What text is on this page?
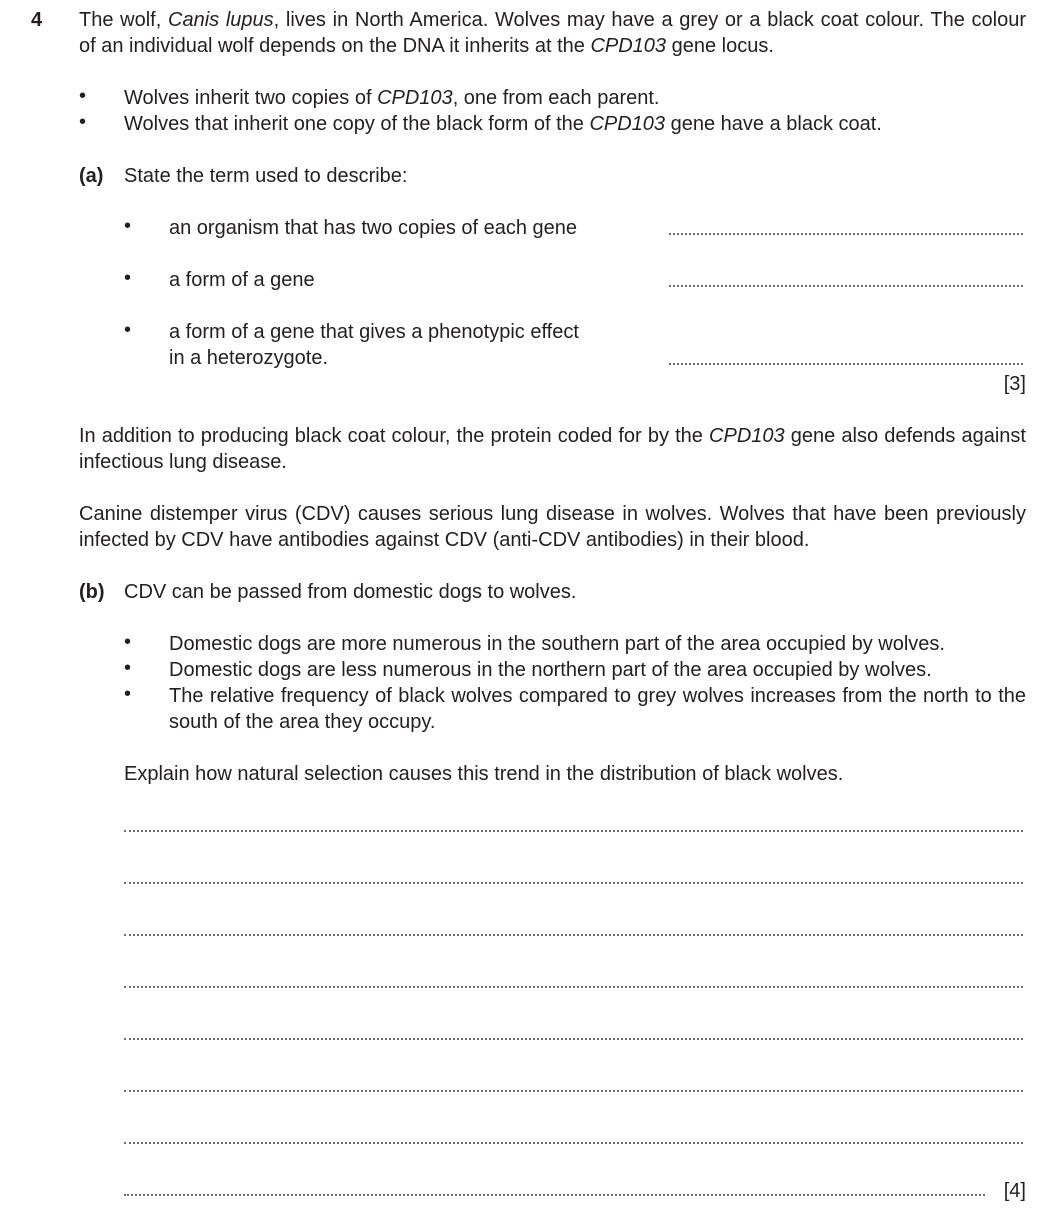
4 The wolf, Canis lupus, lives in North America. Wolves may have a grey or a black coat colour. The colour of an individual wolf depends on the DNA it inherits at the CPD103 gene locus.

• Wolves inherit two copies of CPD103, one from each parent.

• Wolves that inherit one copy of the black form of the CPD103 gene have a black coat.

(a) State the term used to describe:

• an organism that has two copies of each gene

• a form of a gene

• a form of a gene that gives a phenotypic effect in a heterozygote.

[3]

In addition to producing black coat colour, the protein coded for by the CPD103 gene also defends against infectious lung disease.

Canine distemper virus (CDV) causes serious lung disease in wolves. Wolves that have been previously infected by CDV have antibodies against CDV (anti-CDV antibodies) in their blood.

(b) CDV can be passed from domestic dogs to wolves.

• Domestic dogs are more numerous in the southern part of the area occupied by wolves.

• Domestic dogs are less numerous in the northern part of the area occupied by wolves.

• The relative frequency of black wolves compared to grey wolves increases from the north to the south of the area they occupy.

Explain how natural selection causes this trend in the distribution of black wolves.

[4]
